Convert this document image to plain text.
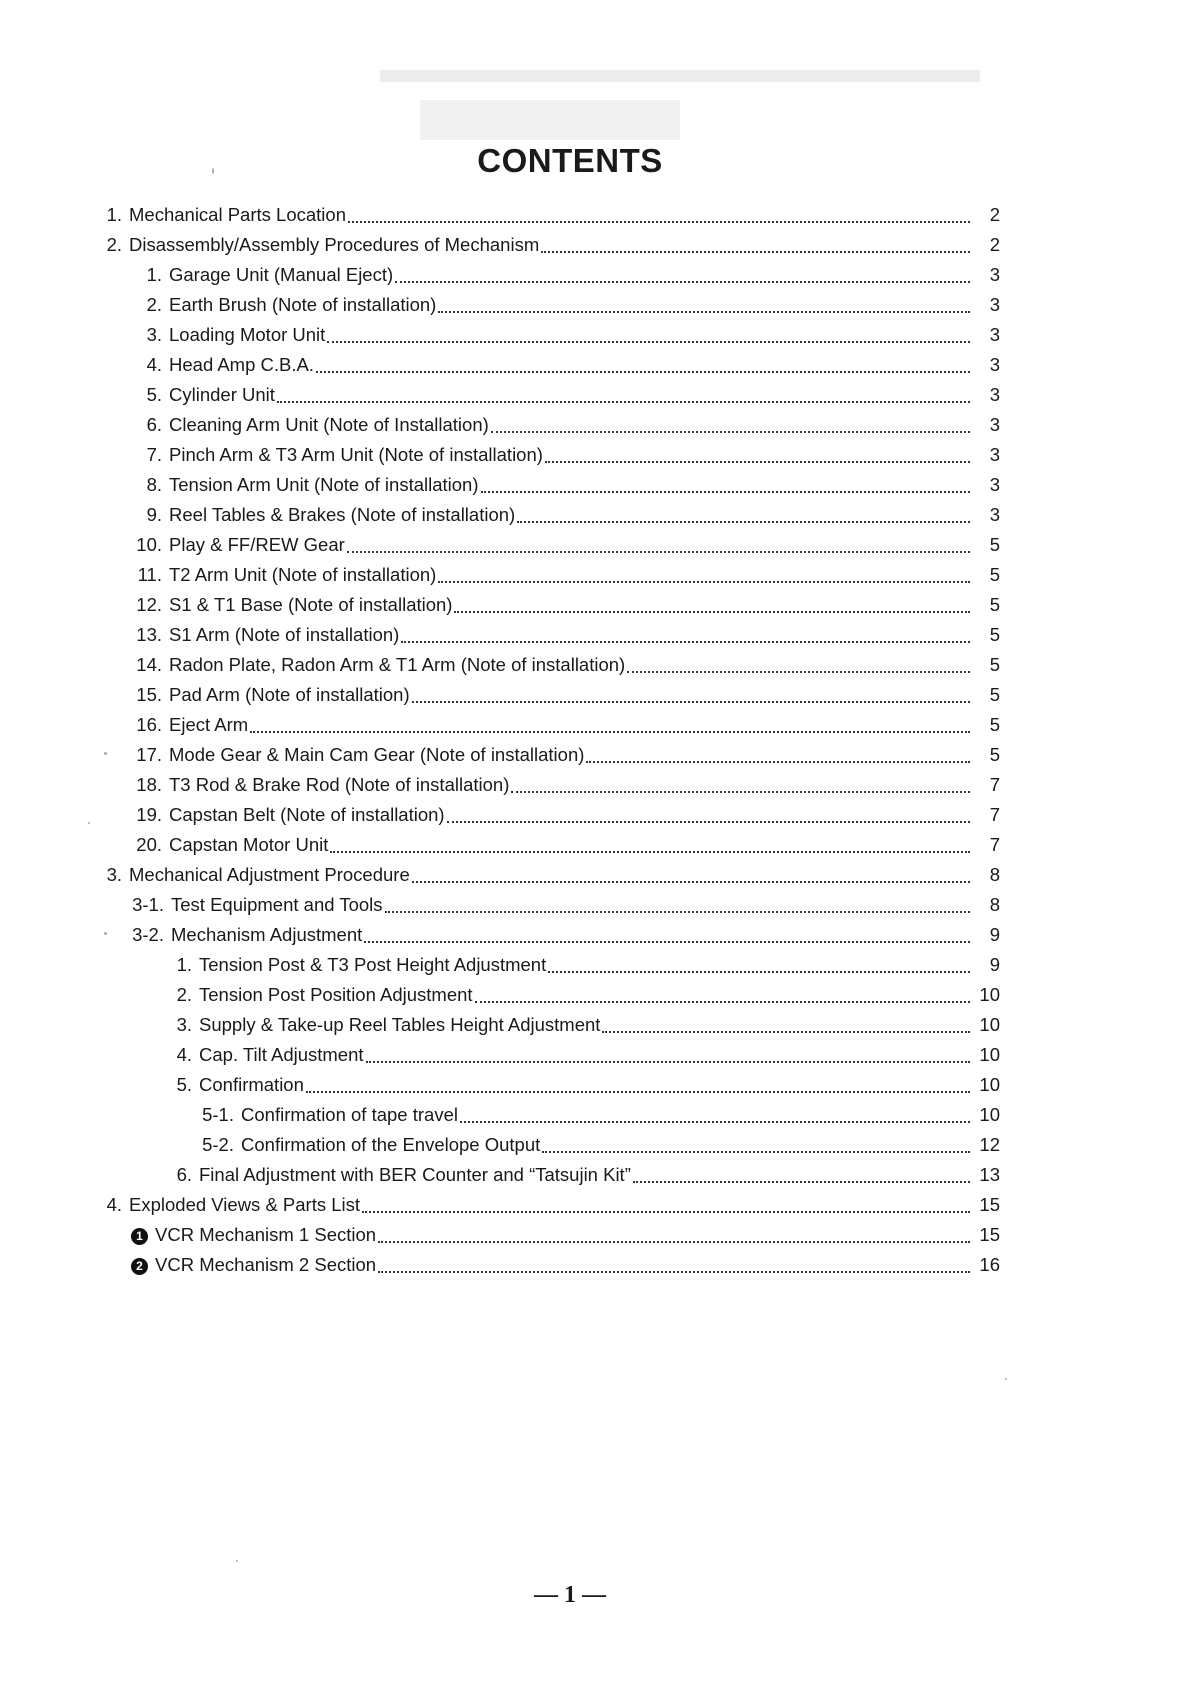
CONTENTS
1. Mechanical Parts Location	2
2. Disassembly/Assembly Procedures of Mechanism	2
1. Garage Unit (Manual Eject)	3
2. Earth Brush (Note of installation)	3
3. Loading Motor Unit	3
4. Head Amp C.B.A.	3
5. Cylinder Unit	3
6. Cleaning Arm Unit (Note of Installation)	3
7. Pinch Arm & T3 Arm Unit (Note of installation)	3
8. Tension Arm Unit (Note of installation)	3
9. Reel Tables & Brakes (Note of installation)	3
10. Play & FF/REW Gear	5
11. T2 Arm Unit (Note of installation)	5
12. S1 & T1 Base (Note of installation)	5
13. S1 Arm (Note of installation)	5
14. Radon Plate, Radon Arm & T1 Arm (Note of installation)	5
15. Pad Arm (Note of installation)	5
16. Eject Arm	5
17. Mode Gear & Main Cam Gear (Note of installation)	5
18. T3 Rod & Brake Rod (Note of installation)	7
19. Capstan Belt (Note of installation)	7
20. Capstan Motor Unit	7
3. Mechanical Adjustment Procedure	8
3-1. Test Equipment and Tools	8
3-2. Mechanism Adjustment	9
1. Tension Post & T3 Post Height Adjustment	9
2. Tension Post Position Adjustment	10
3. Supply & Take-up Reel Tables Height Adjustment	10
4. Cap. Tilt Adjustment	10
5. Confirmation	10
5-1. Confirmation of tape travel	10
5-2. Confirmation of the Envelope Output	12
6. Final Adjustment with BER Counter and “Tatsujin Kit”	13
4. Exploded Views & Parts List	15
1 VCR Mechanism 1 Section	15
2 VCR Mechanism 2 Section	16
— 1 —
